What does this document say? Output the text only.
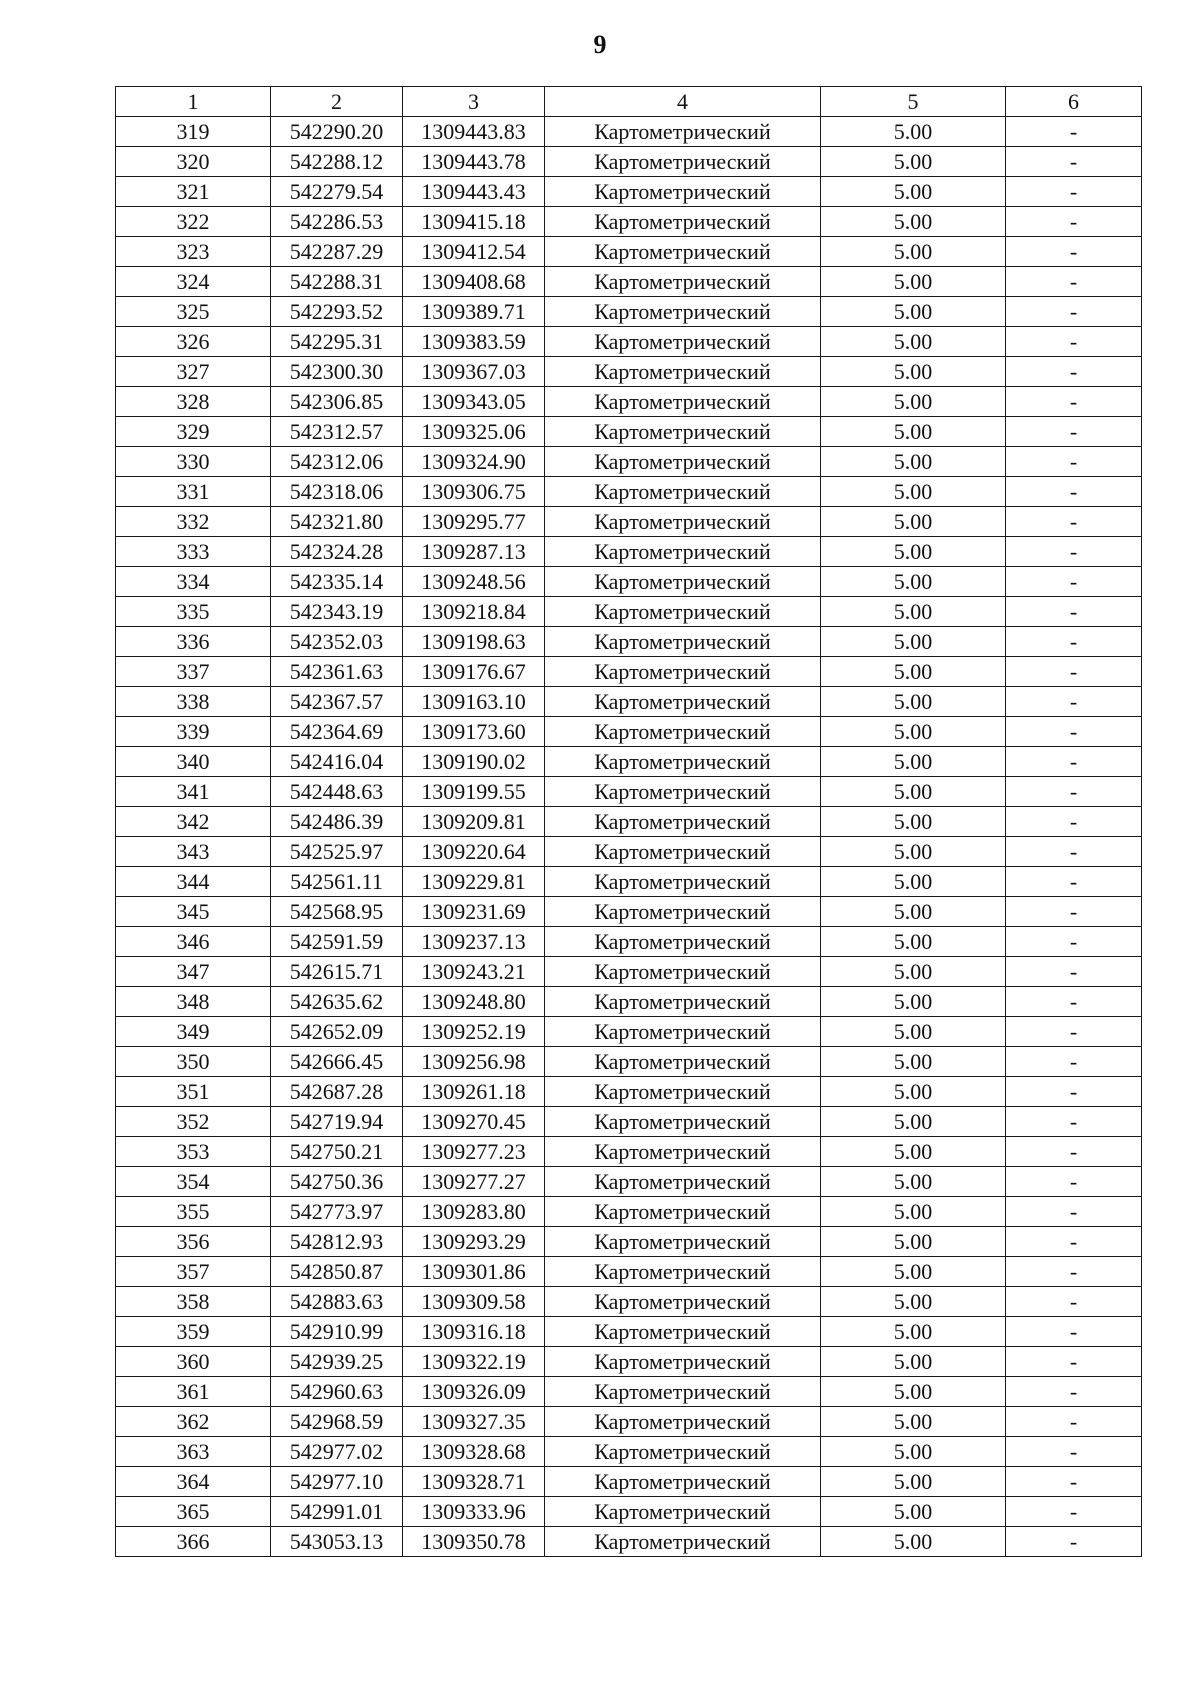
9
1	2	3	4	5	6
319	542290.20	1309443.83	Картометрический	5.00	-
320	542288.12	1309443.78	Картометрический	5.00	-
321	542279.54	1309443.43	Картометрический	5.00	-
322	542286.53	1309415.18	Картометрический	5.00	-
323	542287.29	1309412.54	Картометрический	5.00	-
324	542288.31	1309408.68	Картометрический	5.00	-
325	542293.52	1309389.71	Картометрический	5.00	-
326	542295.31	1309383.59	Картометрический	5.00	-
327	542300.30	1309367.03	Картометрический	5.00	-
328	542306.85	1309343.05	Картометрический	5.00	-
329	542312.57	1309325.06	Картометрический	5.00	-
330	542312.06	1309324.90	Картометрический	5.00	-
331	542318.06	1309306.75	Картометрический	5.00	-
332	542321.80	1309295.77	Картометрический	5.00	-
333	542324.28	1309287.13	Картометрический	5.00	-
334	542335.14	1309248.56	Картометрический	5.00	-
335	542343.19	1309218.84	Картометрический	5.00	-
336	542352.03	1309198.63	Картометрический	5.00	-
337	542361.63	1309176.67	Картометрический	5.00	-
338	542367.57	1309163.10	Картометрический	5.00	-
339	542364.69	1309173.60	Картометрический	5.00	-
340	542416.04	1309190.02	Картометрический	5.00	-
341	542448.63	1309199.55	Картометрический	5.00	-
342	542486.39	1309209.81	Картометрический	5.00	-
343	542525.97	1309220.64	Картометрический	5.00	-
344	542561.11	1309229.81	Картометрический	5.00	-
345	542568.95	1309231.69	Картометрический	5.00	-
346	542591.59	1309237.13	Картометрический	5.00	-
347	542615.71	1309243.21	Картометрический	5.00	-
348	542635.62	1309248.80	Картометрический	5.00	-
349	542652.09	1309252.19	Картометрический	5.00	-
350	542666.45	1309256.98	Картометрический	5.00	-
351	542687.28	1309261.18	Картометрический	5.00	-
352	542719.94	1309270.45	Картометрический	5.00	-
353	542750.21	1309277.23	Картометрический	5.00	-
354	542750.36	1309277.27	Картометрический	5.00	-
355	542773.97	1309283.80	Картометрический	5.00	-
356	542812.93	1309293.29	Картометрический	5.00	-
357	542850.87	1309301.86	Картометрический	5.00	-
358	542883.63	1309309.58	Картометрический	5.00	-
359	542910.99	1309316.18	Картометрический	5.00	-
360	542939.25	1309322.19	Картометрический	5.00	-
361	542960.63	1309326.09	Картометрический	5.00	-
362	542968.59	1309327.35	Картометрический	5.00	-
363	542977.02	1309328.68	Картометрический	5.00	-
364	542977.10	1309328.71	Картометрический	5.00	-
365	542991.01	1309333.96	Картометрический	5.00	-
366	543053.13	1309350.78	Картометрический	5.00	-
